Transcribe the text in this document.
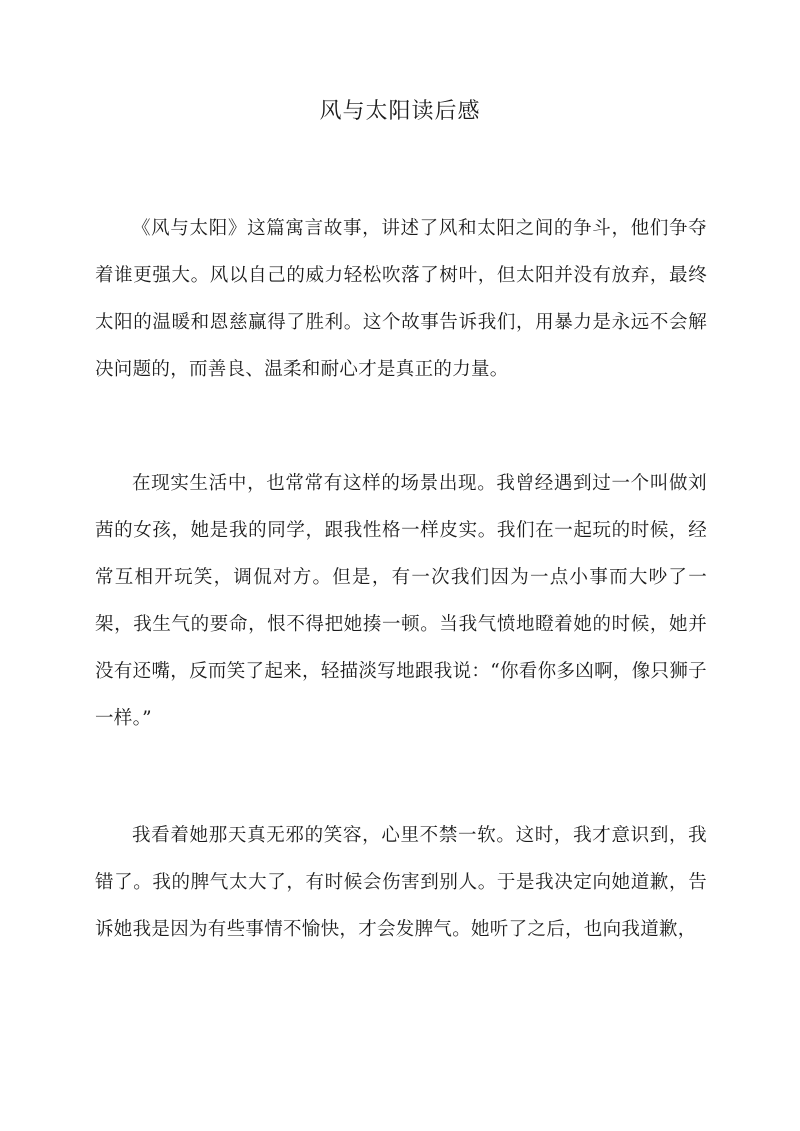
风与太阳读后感

《风与太阳》这篇寓言故事，讲述了风和太阳之间的争斗，他们争夺着谁更强大。风以自己的威力轻松吹落了树叶，但太阳并没有放弃，最终太阳的温暖和恩慈赢得了胜利。这个故事告诉我们，用暴力是永远不会解决问题的，而善良、温柔和耐心才是真正的力量。

在现实生活中，也常常有这样的场景出现。我曾经遇到过一个叫做刘茜的女孩，她是我的同学，跟我性格一样皮实。我们在一起玩的时候，经常互相开玩笑，调侃对方。但是，有一次我们因为一点小事而大吵了一架，我生气的要命，恨不得把她揍一顿。当我气愤地瞪着她的时候，她并没有还嘴，反而笑了起来，轻描淡写地跟我说：“你看你多凶啊，像只狮子一样。”

我看着她那天真无邪的笑容，心里不禁一软。这时，我才意识到，我错了。我的脾气太大了，有时候会伤害到别人。于是我决定向她道歉，告诉她我是因为有些事情不愉快，才会发脾气。她听了之后，也向我道歉，
